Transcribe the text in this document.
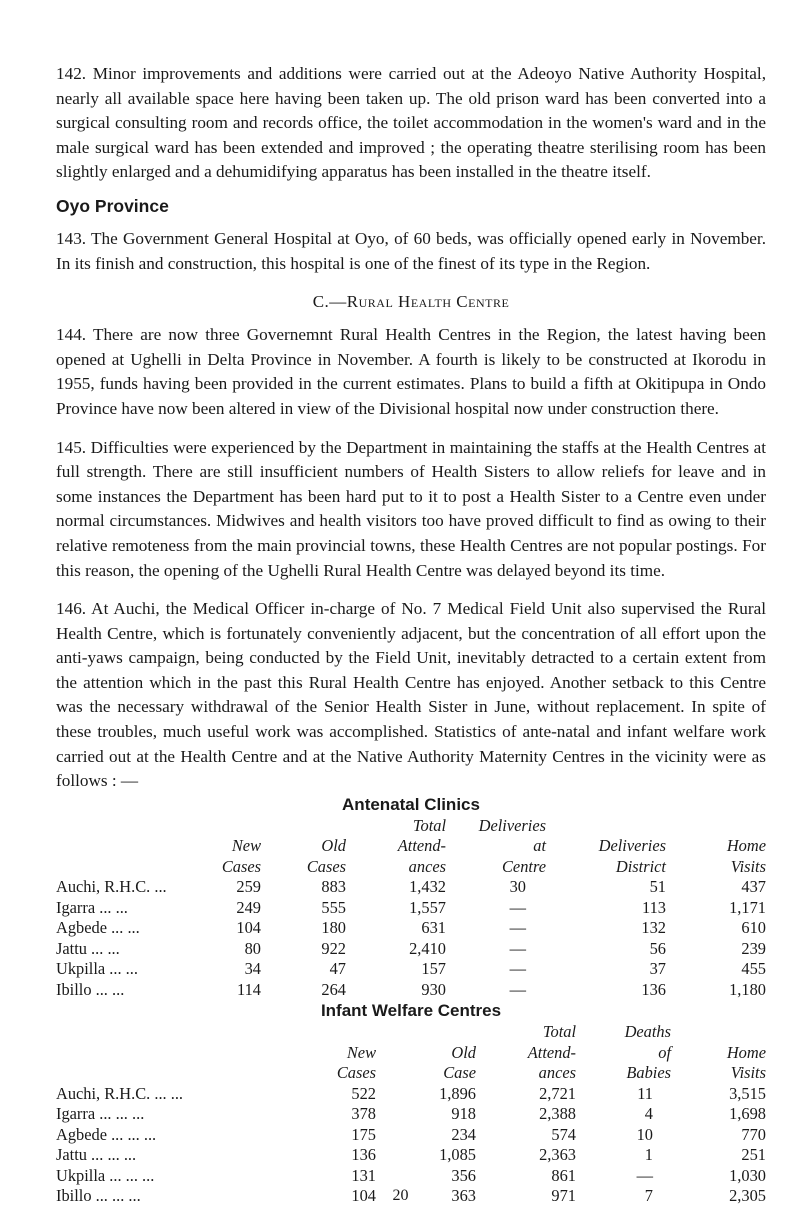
142. Minor improvements and additions were carried out at the Adeoyo Native Authority Hospital, nearly all available space here having been taken up. The old prison ward has been converted into a surgical consulting room and records office, the toilet accommodation in the women's ward and in the male surgical ward has been extended and improved ; the operating theatre sterilising room has been slightly enlarged and a dehumidifying apparatus has been installed in the theatre itself.

Oyo Province

143. The Government General Hospital at Oyo, of 60 beds, was officially opened early in November. In its finish and construction, this hospital is one of the finest of its type in the Region.

C.—Rural Health Centre

144. There are now three Governemnt Rural Health Centres in the Region, the latest having been opened at Ughelli in Delta Province in November. A fourth is likely to be constructed at Ikorodu in 1955, funds having been provided in the current estimates. Plans to build a fifth at Okitipupa in Ondo Province have now been altered in view of the Divisional hospital now under construction there.

145. Difficulties were experienced by the Department in maintaining the staffs at the Health Centres at full strength. There are still insufficient numbers of Health Sisters to allow reliefs for leave and in some instances the Department has been hard put to it to post a Health Sister to a Centre even under normal circumstances. Midwives and health visitors too have proved difficult to find as owing to their relative remoteness from the main provincial towns, these Health Centres are not popular postings. For this reason, the opening of the Ughelli Rural Health Centre was delayed beyond its time.

146. At Auchi, the Medical Officer in-charge of No. 7 Medical Field Unit also supervised the Rural Health Centre, which is fortunately conveniently adjacent, but the concentration of all effort upon the anti-yaws campaign, being conducted by the Field Unit, inevitably detracted to a certain extent from the attention which in the past this Rural Health Centre has enjoyed. Another setback to this Centre was the necessary withdrawal of the Senior Health Sister in June, without replacement. In spite of these troubles, much useful work was accomplished. Statistics of ante-natal and infant welfare work carried out at the Health Centre and at the Native Authority Maternity Centres in the vicinity were as follows : —

Antenatal Clinics
	New
Cases	Old
Cases	Total
Attend-
ances	Deliveries
at
Centre	Deliveries
District	Home
Visits
Auchi, R.H.C. ...	259	883	1,432	30	51	437
Igarra ... ...	249	555	1,557	—	113	1,171
Agbede ... ...	104	180	631	—	132	610
Jattu ... ...	80	922	2,410	—	56	239
Ukpilla ... ...	34	47	157	—	37	455
Ibillo ... ...	114	264	930	—	136	1,180
Infant Welfare Centres
	New
Cases	Old
Case	Total
Attend-
ances	Deaths
of
Babies	Home
Visits
Auchi, R.H.C. ... ...	522	1,896	2,721	11	3,515
Igarra ... ... ...	378	918	2,388	4	1,698
Agbede ... ... ...	175	234	574	10	770
Jattu ... ... ...	136	1,085	2,363	1	251
Ukpilla ... ... ...	131	356	861	—	1,030
Ibillo ... ... ...	104	363	971	7	2,305
20
